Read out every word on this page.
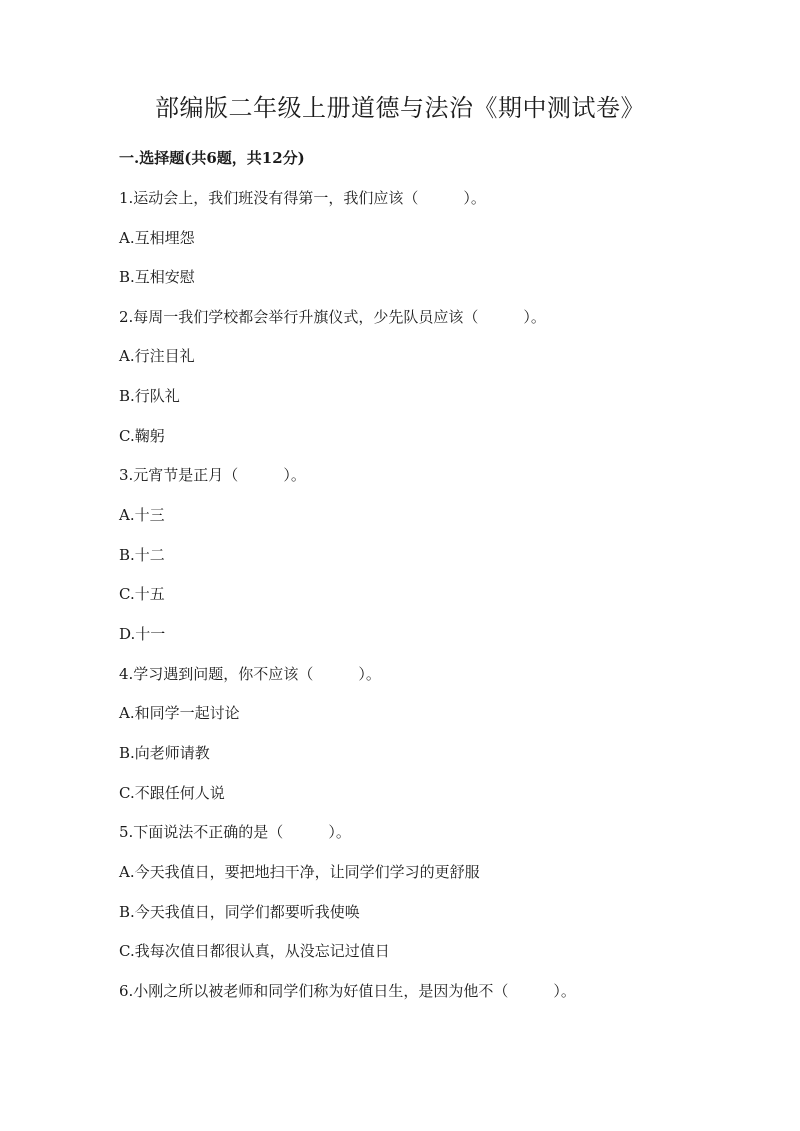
部编版二年级上册道德与法治《期中测试卷》

一.选择题(共6题，共12分)

1.运动会上，我们班没有得第一，我们应该（　　　）。

A.互相埋怨

B.互相安慰

2.每周一我们学校都会举行升旗仪式，少先队员应该（　　　）。

A.行注目礼

B.行队礼

C.鞠躬

3.元宵节是正月（　　　）。

A.十三

B.十二

C.十五

D.十一

4.学习遇到问题，你不应该（　　　）。

A.和同学一起讨论

B.向老师请教

C.不跟任何人说

5.下面说法不正确的是（　　　）。

A.今天我值日，要把地扫干净，让同学们学习的更舒服

B.今天我值日，同学们都要听我使唤

C.我每次值日都很认真，从没忘记过值日

6.小刚之所以被老师和同学们称为好值日生，是因为他不（　　　）。
